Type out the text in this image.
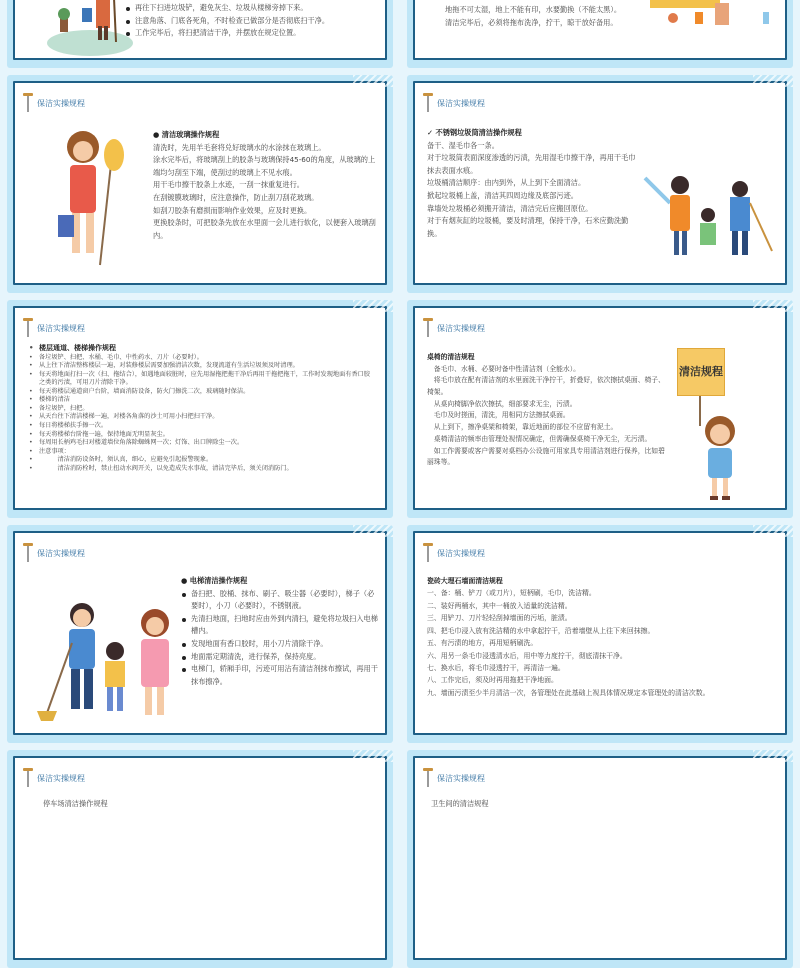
再往下扫进垃圾铲，避免灰尘、垃圾从楼梯旁掉下来。
注意角落、门底各死角，不时检查已做部分是否彻底扫干净。
工作完毕后，将扫把清洁干净，并摆放在规定位置。

地拖不可太湿，地上不能有印，水要勤换（不能太黑）。

清洁完毕后，必须将拖布洗净，拧干，晾干放好备用。

保洁实操规程

● 清洁玻璃操作规程

清洗时，先用羊毛套将兑好玻璃水的水涂抹在玻璃上。

涂水完毕后，将玻璃刮上的胶条与玻璃保持45-60的角度，从玻璃的上端均匀刮至下端，使刮过的玻璃上不见水痕。

用干毛巾擦干胶条上水迹，一刮一抹重复进行。

在刮镀膜玻璃时，应注意操作，防止刮刀刮花玻璃。

如刮刀胶条有磨损而影响作业效果，应及时更换。

更换胶条时，可把胶条先放在水里面一会儿进行软化，以便套入玻璃刮内。

保洁实操规程

✓ 不锈钢垃圾筒清洁操作规程

备干、湿毛巾各一条。

对于垃圾筒表面深度渗透的污渍，先用湿毛巾擦干净，再用干毛巾抹去表面水痕。

垃圾桶清洁顺序：由内到外，从上到下全面清洁。

掀起垃圾桶上盖，清洁其四周边缘及底部污迹。

靠墙处垃圾桶必须搬开清洁，清洁完后应搬回原位。

对于有烟灰缸的垃圾桶，要及时清理，保持干净，石米应勤洗勤换。

保洁实操规程
• 楼层通道、楼梯操作规程
• 备垃圾铲、扫把、水桶、毛巾、中性药水、刀片（必要时）。
• 从上往下清洁整栋楼层一遍，对装修楼层需要加强清洁次数，发现流道有生活垃圾须及时清理。
• 每天将地面打扫一次（扫、拖结合），如遇地面较脏时，应先用湿拖把拖干净后再用干拖把拖干，工作时发现地面有香口胶之类的污渍，可用刀片清除干净。
• 每天将楼层通道窗户台阶，墙面消防设备，防火门擦洗二次，玻璃随时保洁。
• 楼梯的清洁
• 备垃圾铲，扫把。
• 从天台往下清洁楼梯一遍，对楼各角落的沙土可用小扫把扫干净。
• 每日将楼梯扶手擦一次。
• 每天将楼梯台阶拖一遍，保持地面无明显灰尘。
• 每周用长柄鸡毛扫对楼道墙位角落除蜘蛛网一次；灯饰、出口牌除尘一次。
• 注意事项：
• 　　　清洁消防设备时，须认真，细心，应避免引起报警现象。
• 　　　清洁消防栓时，禁止扭动水阀开关，以免造成失水事故，清洁完毕后，须关闭消防门。
保洁实操规程

桌椅的清洁规程

　备毛巾、水桶、必要时备中性清洁剂（全能水）。

　将毛巾放在配有清洁剂的水里面洗干净拧干，折叠好，依次擦拭桌面、椅子、椅架。

　从桌向椅脚净依次擦拭，细部要求无尘，污渍。

　毛巾及时搓面，清洗，用相同方法擦拭桌面。

　从上到下，擦净桌架和椅架，靠近地面的部位不应留有泥土。

　桌椅清洁的频率由管理处视情况确定，但需确保桌椅干净无尘，无污渍。

　如工作需要或客户需要对桌档办公设施可用家具专用清洁剂进行保养，比如碧丽珠等。

清洁规程
保洁实操规程

● 电梯清洁操作规程

备扫把、胶桶、抹布、刷子、吸尘器（必要时），梯子（必要时），小刀（必要时），不锈钢液。
先清扫地面，扫地时应由外到内清扫，避免将垃圾扫入电梯槽内。
发现地面有香口胶时，用小刀片清除干净。
地面需定期清洗，进行保养，保持亮度。
电梯门，轿厢手印，污迹可用沾有清洁剂抹布擦试，再用干抹布擦净。
保洁实操规程

瓷砖大理石墙面清洁规程

一、备：桶、铲刀（或刀片），短柄刷，毛巾，洗洁精。

二、装好两桶水，其中一桶放入适量的洗洁精。

三、用铲刀、刀片轻轻刮掉墙面的污垢，脏渍。

四、把毛巾浸入放有洗洁精的水中拿起拧干，沿着墙壁从上往下来回抹擦。

五、有污渍的地方，再用短柄刷洗。

六、用另一条毛巾浸透清水后，用中等力度拧干，彻底清抹干净。

七、换水后，将毛巾浸透拧干，再清洁一遍。

八、工作完后，须及时再用拖把干净地面。

九、墙面污渍至少半月清洁一次，各管理处在此基础上视具体情况规定本管理处的清洁次数。

保洁实操规程

停车场清洁操作规程

保洁实操规程

卫生间的清洁规程
